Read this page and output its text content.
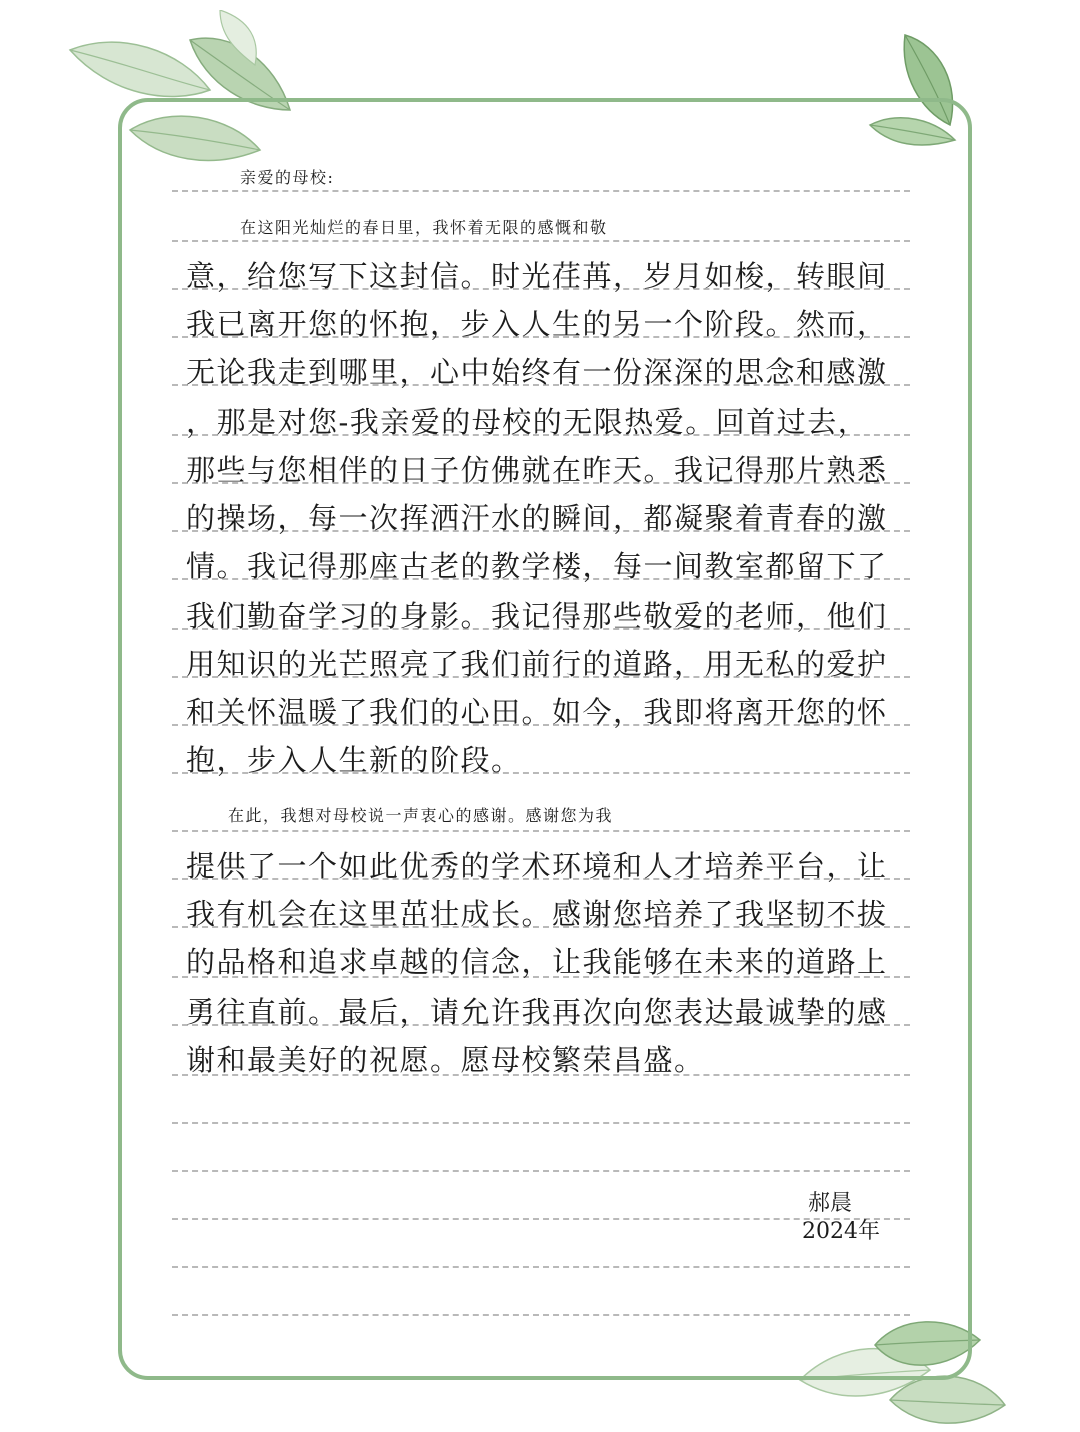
亲爱的母校:
在这阳光灿烂的春日里，我怀着无限的感慨和敬
意，给您写下这封信。时光荏苒，岁月如梭，转眼间
我已离开您的怀抱，步入人生的另一个阶段。然而，
无论我走到哪里，心中始终有一份深深的思念和感激
，那是对您-我亲爱的母校的无限热爱。回首过去，
那些与您相伴的日子仿佛就在昨天。我记得那片熟悉
的操场，每一次挥洒汗水的瞬间，都凝聚着青春的激
情。我记得那座古老的教学楼，每一间教室都留下了
我们勤奋学习的身影。我记得那些敬爱的老师，他们
用知识的光芒照亮了我们前行的道路，用无私的爱护
和关怀温暖了我们的心田。如今，我即将离开您的怀
抱，步入人生新的阶段。
在此，我想对母校说一声衷心的感谢。感谢您为我
提供了一个如此优秀的学术环境和人才培养平台，让
我有机会在这里茁壮成长。感谢您培养了我坚韧不拔
的品格和追求卓越的信念，让我能够在未来的道路上
勇往直前。最后，请允许我再次向您表达最诚挚的感
谢和最美好的祝愿。愿母校繁荣昌盛。
郝晨
2024年
